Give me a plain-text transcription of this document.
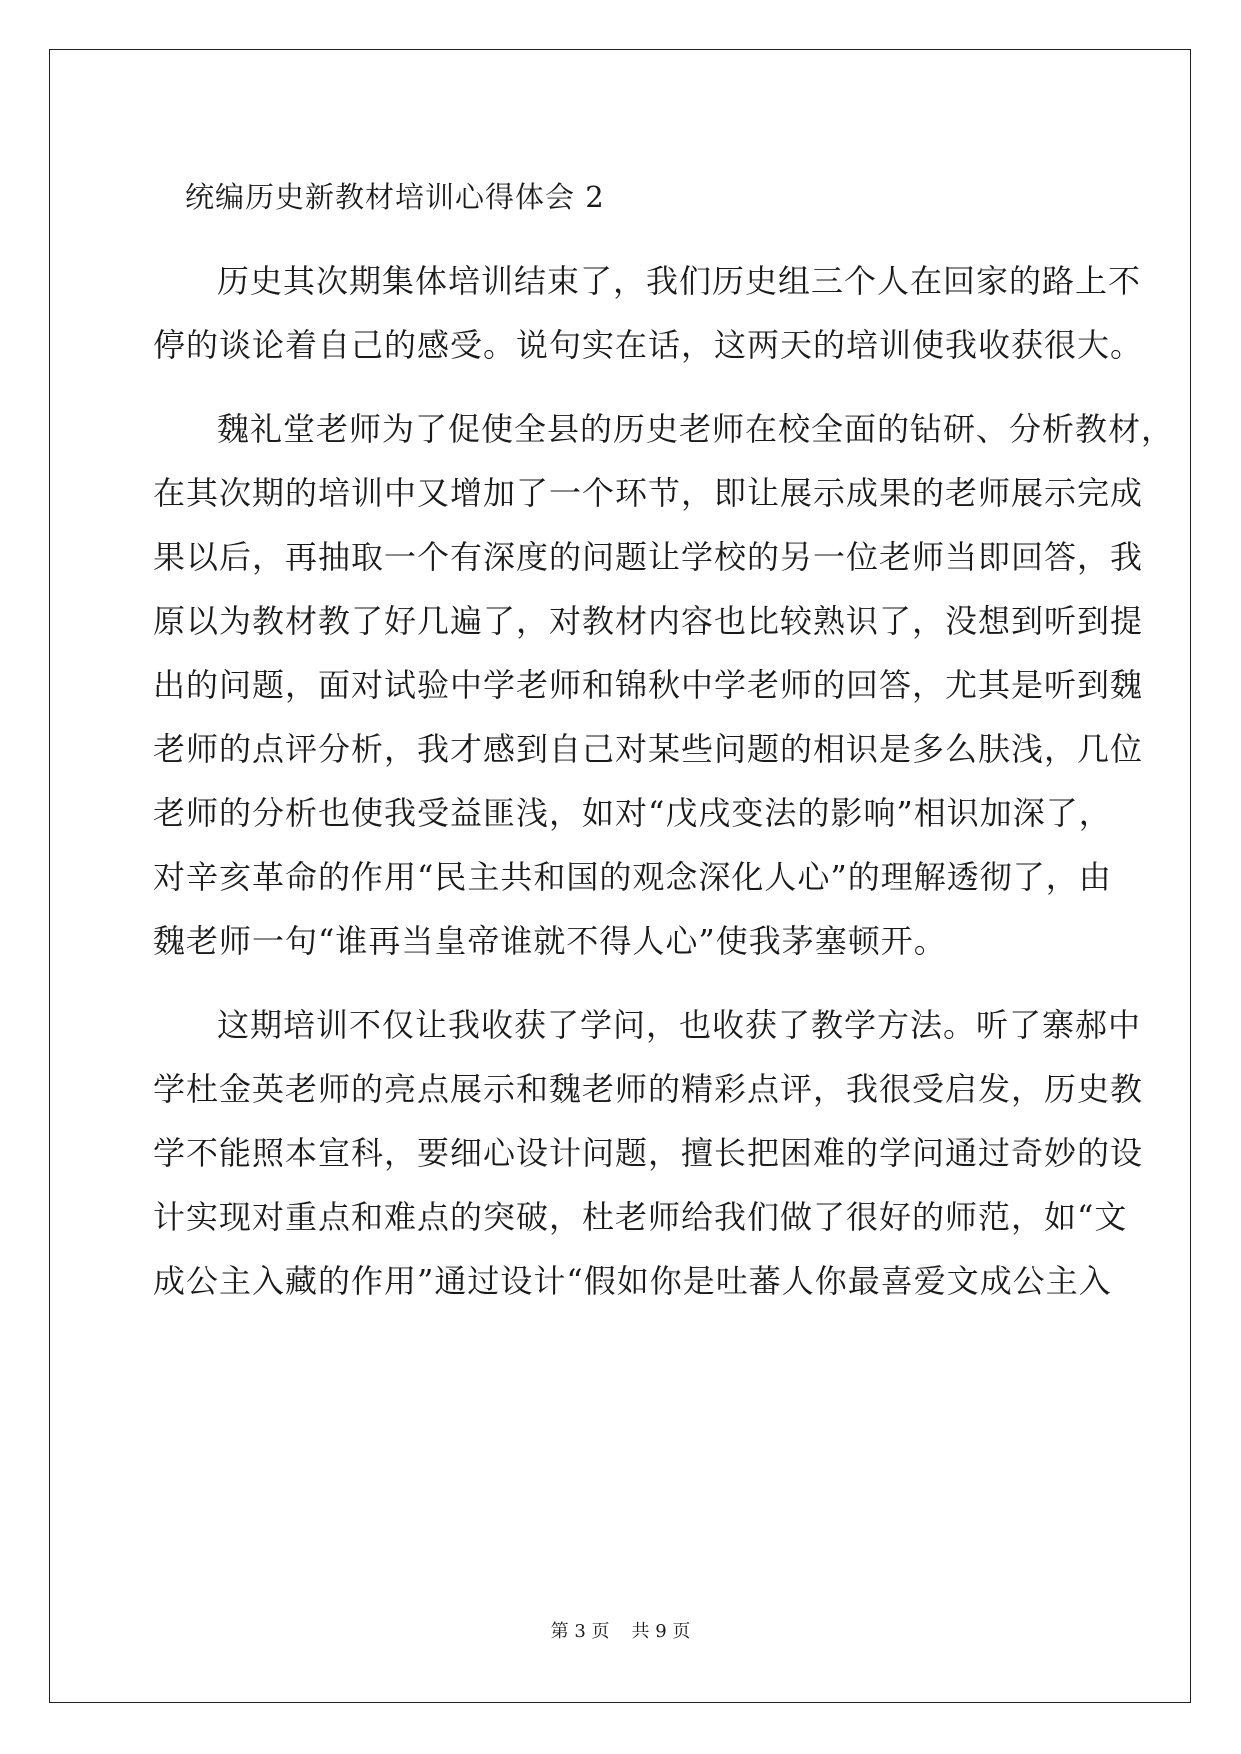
统编历史新教材培训心得体会 2
历史其次期集体培训结束了，我们历史组三个人在回家的路上不
停的谈论着自己的感受。说句实在话，这两天的培训使我收获很大。
魏礼堂老师为了促使全县的历史老师在校全面的钻研、分析教材，
在其次期的培训中又增加了一个环节，即让展示成果的老师展示完成
果以后，再抽取一个有深度的问题让学校的另一位老师当即回答，我
原以为教材教了好几遍了，对教材内容也比较熟识了，没想到听到提
出的问题，面对试验中学老师和锦秋中学老师的回答，尤其是听到魏
老师的点评分析，我才感到自己对某些问题的相识是多么肤浅，几位
老师的分析也使我受益匪浅，如对“戊戌变法的影响”相识加深了，
对辛亥革命的作用“民主共和国的观念深化人心”的理解透彻了，由
魏老师一句“谁再当皇帝谁就不得人心”使我茅塞顿开。
这期培训不仅让我收获了学问，也收获了教学方法。听了寨郝中
学杜金英老师的亮点展示和魏老师的精彩点评，我很受启发，历史教
学不能照本宣科，要细心设计问题，擅长把困难的学问通过奇妙的设
计实现对重点和难点的突破，杜老师给我们做了很好的师范，如“文
成公主入藏的作用”通过设计“假如你是吐蕃人你最喜爱文成公主入
第 3 页 共 9 页
